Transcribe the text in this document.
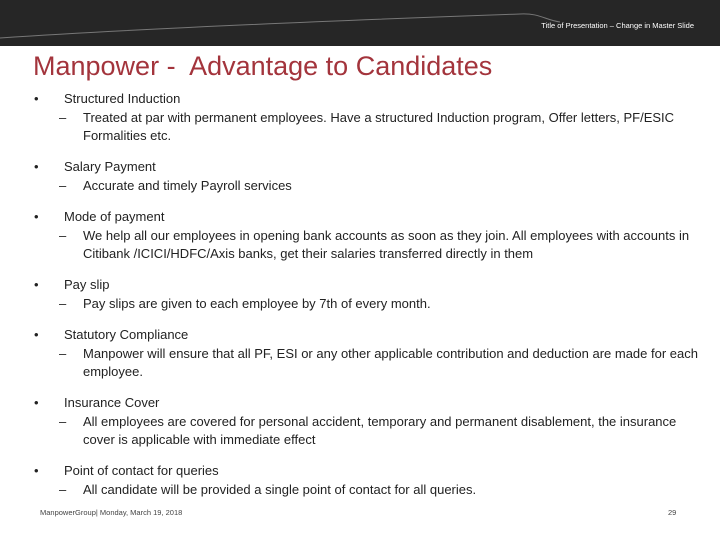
Title of Presentation – Change in Master Slide
Manpower -  Advantage to Candidates
• Structured Induction
– Treated at par with permanent employees. Have a structured Induction program, Offer letters, PF/ESIC Formalities etc.
• Salary Payment
– Accurate and timely Payroll services
• Mode of payment
– We help all our employees in opening bank accounts as soon as they join. All employees with accounts in Citibank /ICICI/HDFC/Axis banks, get their salaries transferred directly in them
• Pay slip
– Pay slips are given to each employee by 7th of every month.
• Statutory Compliance
– Manpower will ensure that all PF, ESI or any other applicable contribution and deduction are made for each employee.
• Insurance Cover
– All employees are covered for personal accident, temporary and permanent disablement, the insurance cover is applicable with immediate effect
• Point of contact for queries
– All candidate will be provided a single point of contact for all queries.
ManpowerGroup| Monday, March 19, 2018	29
